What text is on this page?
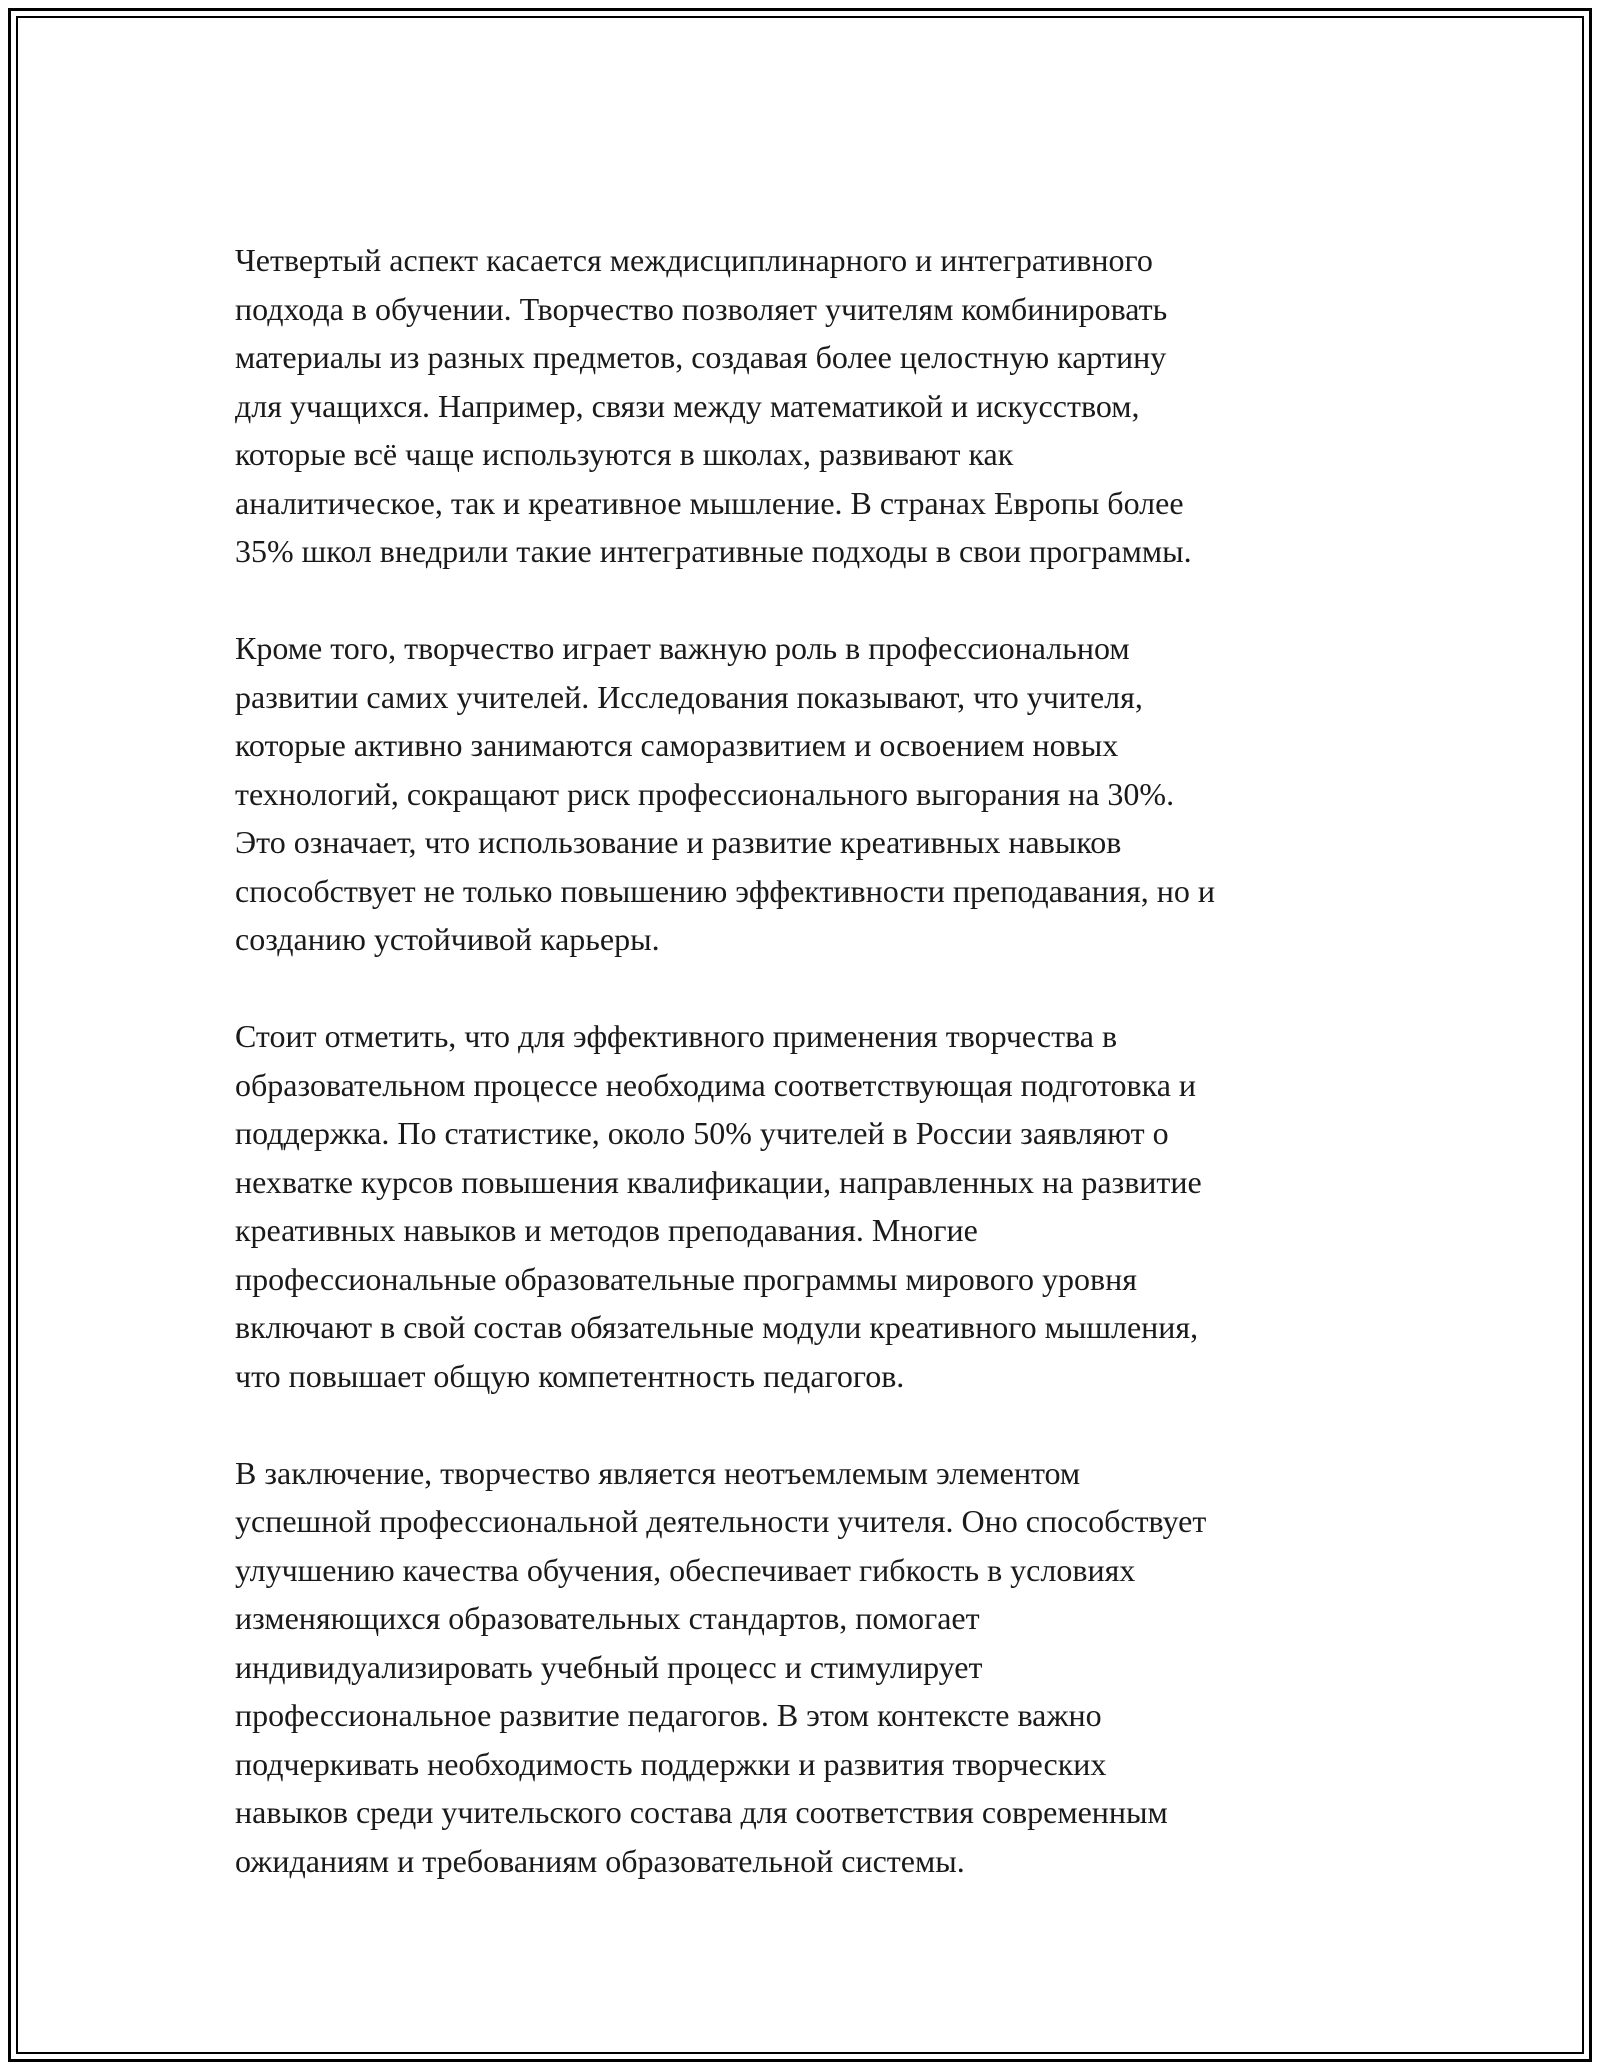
Четвертый аспект касается междисциплинарного и интегративного
подхода в обучении. Творчество позволяет учителям комбинировать
материалы из разных предметов, создавая более целостную картину
для учащихся. Например, связи между математикой и искусством,
которые всё чаще используются в школах, развивают как
аналитическое, так и креативное мышление. В странах Европы более
35% школ внедрили такие интегративные подходы в свои программы.

Кроме того, творчество играет важную роль в профессиональном
развитии самих учителей. Исследования показывают, что учителя,
которые активно занимаются саморазвитием и освоением новых
технологий, сокращают риск профессионального выгорания на 30%.
Это означает, что использование и развитие креативных навыков
способствует не только повышению эффективности преподавания, но и
созданию устойчивой карьеры.

Стоит отметить, что для эффективного применения творчества в
образовательном процессе необходима соответствующая подготовка и
поддержка. По статистике, около 50% учителей в России заявляют о
нехватке курсов повышения квалификации, направленных на развитие
креативных навыков и методов преподавания. Многие
профессиональные образовательные программы мирового уровня
включают в свой состав обязательные модули креативного мышления,
что повышает общую компетентность педагогов.

В заключение, творчество является неотъемлемым элементом
успешной профессиональной деятельности учителя. Оно способствует
улучшению качества обучения, обеспечивает гибкость в условиях
изменяющихся образовательных стандартов, помогает
индивидуализировать учебный процесс и стимулирует
профессиональное развитие педагогов. В этом контексте важно
подчеркивать необходимость поддержки и развития творческих
навыков среди учительского состава для соответствия современным
ожиданиям и требованиям образовательной системы.
